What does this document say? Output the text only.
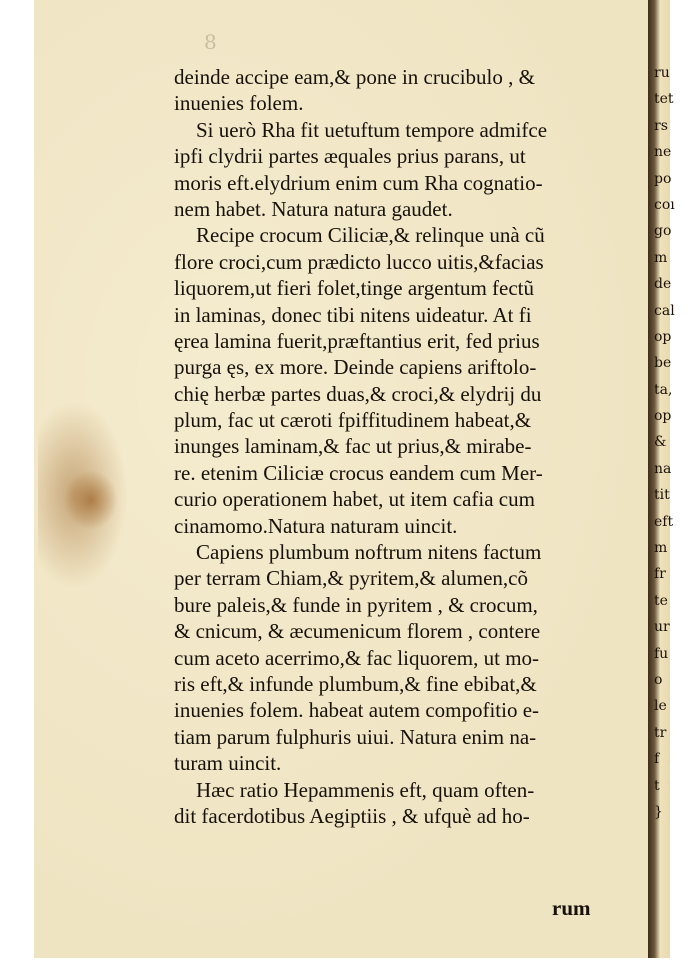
ru
tet
rs
ne
po
coı
go
m
de
cal
op
be
ta,
op
&
na
tit
eft
m
fr
te
ur
fu
o
le
tr
f
t
}
8
deinde accipe eam,& pone in crucibulo , &
inuenies folem.
Si uerò Rha fit uetuftum tempore admifce
ipfi clydrii partes æquales prius parans, ut
moris eft.elydrium enim cum Rha cognatio-
nem habet. Natura natura gaudet.
Recipe crocum Ciliciæ,& relinque unà cũ
flore croci,cum prædicto lucco uitis,&facias
liquorem,ut fieri folet,tinge argentum fectũ
in laminas, donec tibi nitens uideatur. At fi
ęrea lamina fuerit,præftantius erit, fed prius
purga ęs, ex more. Deinde capiens ariftolo-
chię herbæ partes duas,& croci,& elydrij du
plum, fac ut cæroti fpiffitudinem habeat,&
inunges laminam,& fac ut prius,& mirabe-
re. etenim Ciliciæ crocus eandem cum Mer-
curio operationem habet, ut item cafia cum
cinamomo.Natura naturam uincit.
Capiens plumbum noftrum nitens factum
per terram Chiam,& pyritem,& alumen,cõ
bure paleis,& funde in pyritem , & crocum,
& cnicum, & æcumenicum florem , contere
cum aceto acerrimo,& fac liquorem, ut mo-
ris eft,& infunde plumbum,& fine ebibat,&
inuenies folem. habeat autem compofitio e-
tiam parum fulphuris uiui. Natura enim na-
turam uincit.
Hæc ratio Hepammenis eft, quam often-
dit facerdotibus Aegiptiis , & ufquè ad ho-
rum
